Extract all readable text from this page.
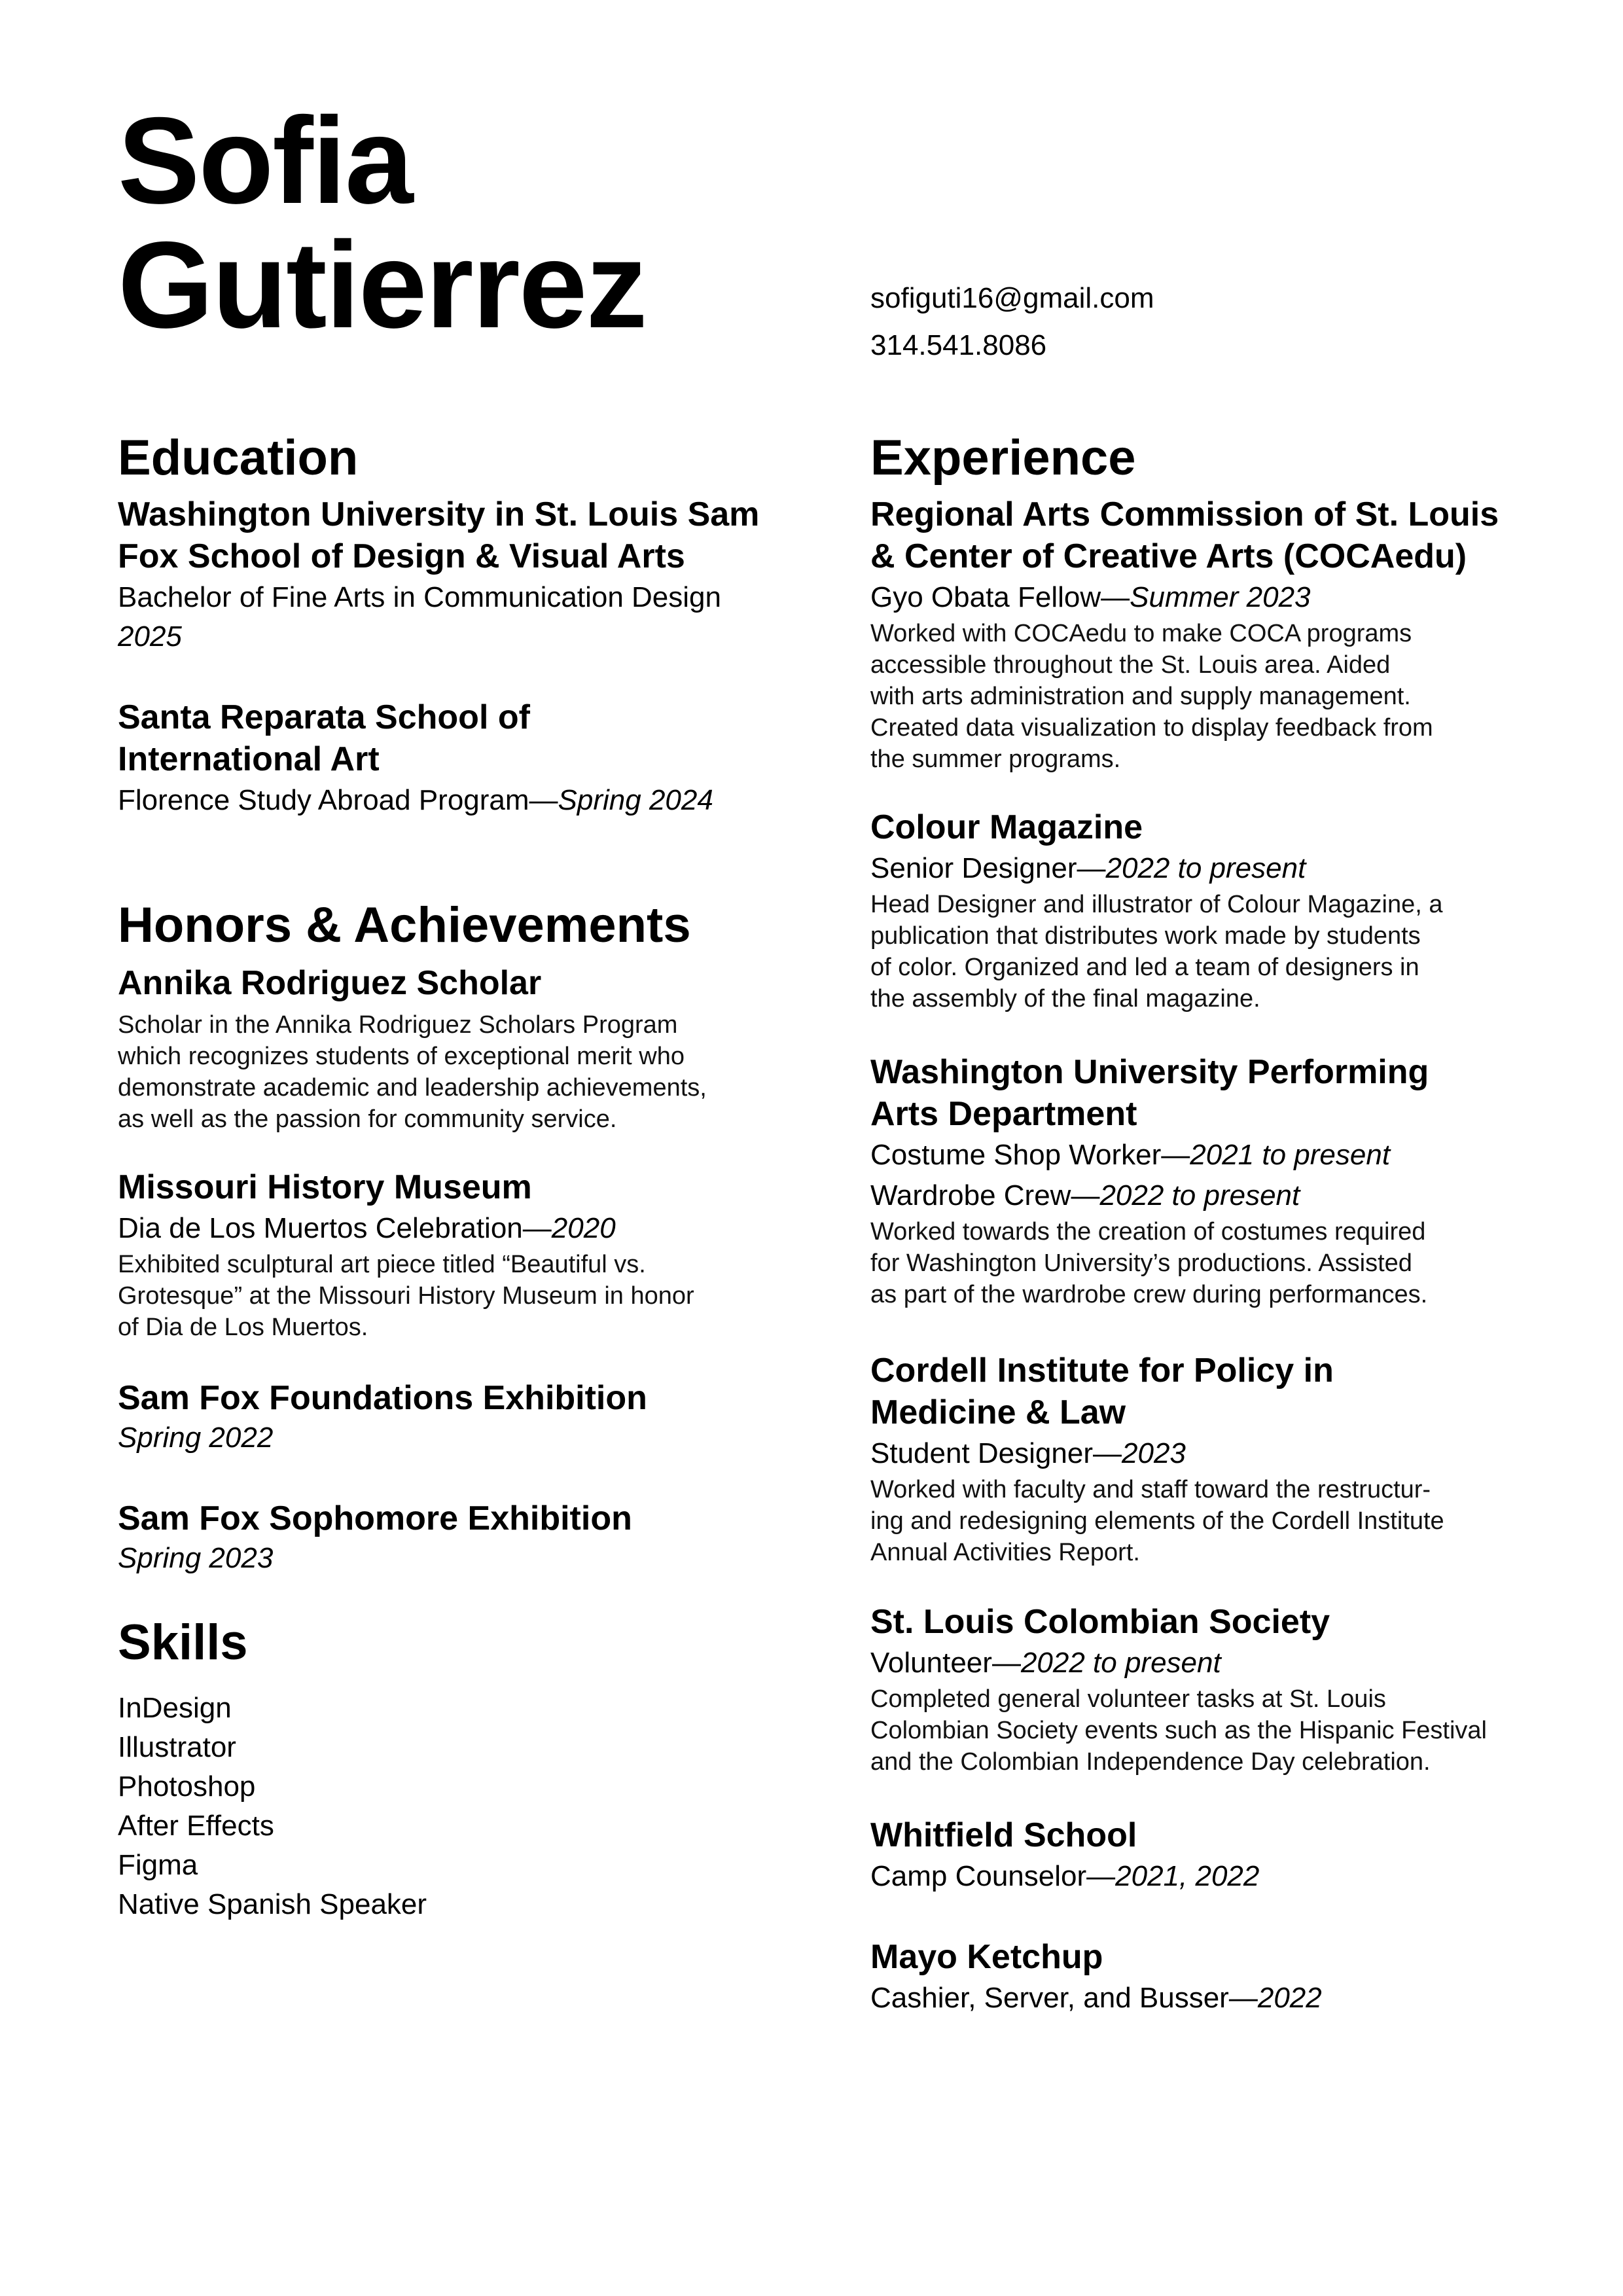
Sofia
Gutierrez	sofiguti16@gmail.com
314.541.8086
Education
Washington University in St. Louis Sam
Fox School of Design & Visual Arts
Bachelor of Fine Arts in Communication Design
2025
Santa Reparata School of
International Art
Florence Study Abroad Program—Spring 2024
Honors & Achievements
Annika Rodriguez Scholar
Scholar in the Annika Rodriguez Scholars Program
which recognizes students of exceptional merit who
demonstrate academic and leadership achievements,
as well as the passion for community service.
Missouri History Museum
Dia de Los Muertos Celebration—2020
Exhibited sculptural art piece titled “Beautiful vs.
Grotesque” at the Missouri History Museum in honor
of Dia de Los Muertos.
Sam Fox Foundations Exhibition
Spring 2022
Sam Fox Sophomore Exhibition
Spring 2023
Skills
InDesign
Illustrator
Photoshop
After Effects
Figma
Native Spanish Speaker
Experience
Regional Arts Commission of St. Louis
& Center of Creative Arts (COCAedu)
Gyo Obata Fellow—Summer 2023
Worked with COCAedu to make COCA programs
accessible throughout the St. Louis area. Aided
with arts administration and supply management.
Created data visualization to display feedback from
the summer programs.
Colour Magazine
Senior Designer—2022 to present
Head Designer and illustrator of Colour Magazine, a
publication that distributes work made by students
of color. Organized and led a team of designers in
the assembly of the final magazine.
Washington University Performing
Arts Department
Costume Shop Worker—2021 to present
Wardrobe Crew—2022 to present
Worked towards the creation of costumes required
for Washington University’s productions. Assisted
as part of the wardrobe crew during performances.
Cordell Institute for Policy in
Medicine & Law
Student Designer—2023
Worked with faculty and staff toward the restructur-
ing and redesigning elements of the Cordell Institute
Annual Activities Report.
St. Louis Colombian Society
Volunteer—2022 to present
Completed general volunteer tasks at St. Louis
Colombian Society events such as the Hispanic Festival
and the Colombian Independence Day celebration.
Whitfield School
Camp Counselor—2021, 2022
Mayo Ketchup
Cashier, Server, and Busser—2022
